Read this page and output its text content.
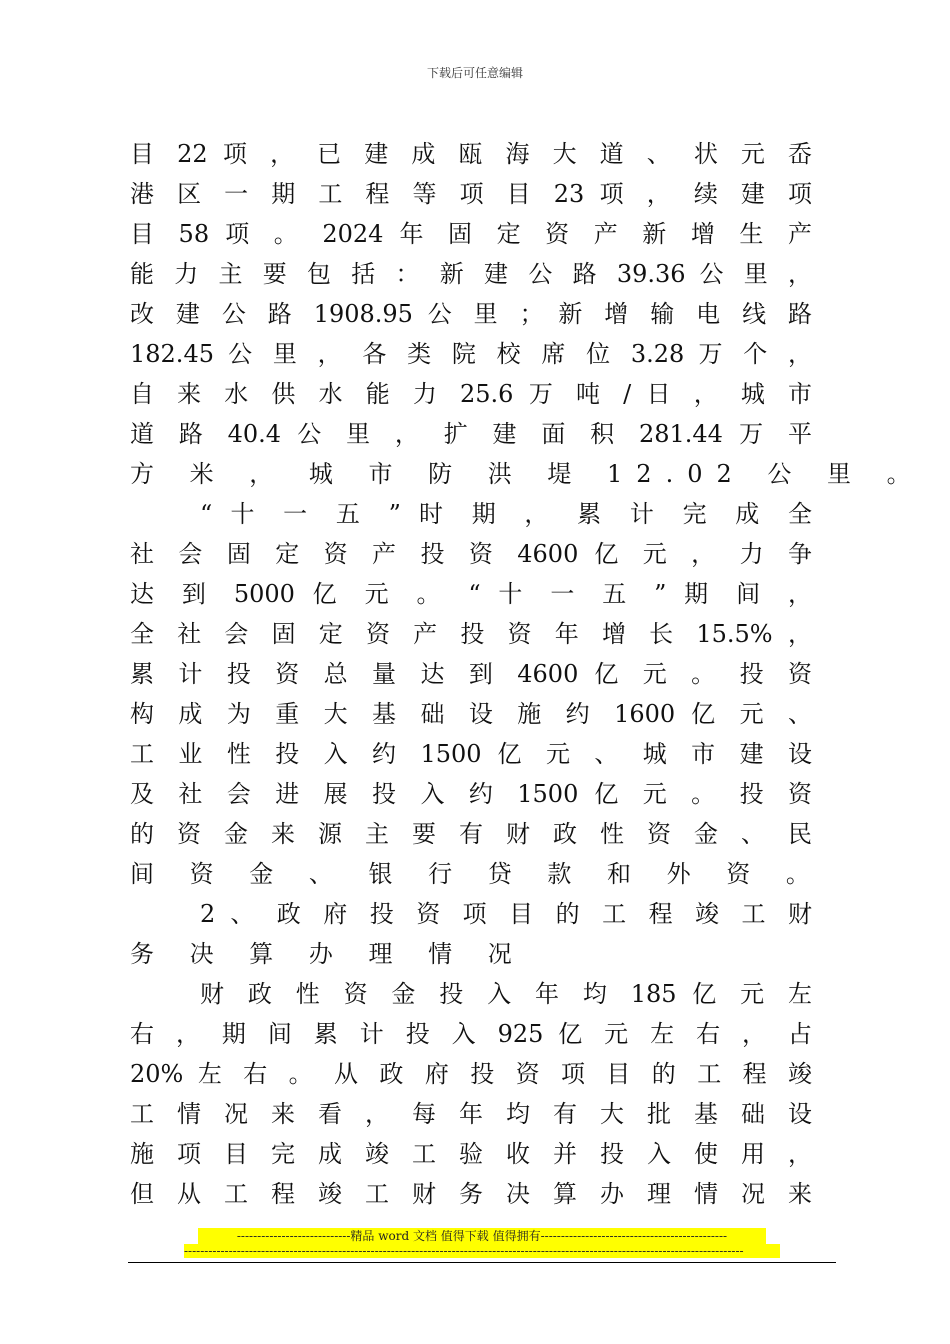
下载后可任意编辑
目 22 项 ， 已 建 成 瓯 海 大 道 、 状 元 岙
港 区 一 期 工 程 等 项 目 23 项 ， 续 建 项
目 58 项 。 2024 年 固 定 资 产 新 增 生 产
能 力 主 要 包 括 ： 新 建 公 路 39.36 公 里 ，
改 建 公 路 1908.95 公 里 ； 新 增 输 电 线 路
182.45 公 里 ， 各 类 院 校 席 位 3.28 万 个 ，
自 来 水 供 水 能 力 25.6 万 吨 / 日 ， 城 市
道 路 40.4 公 里 ， 扩 建 面 积 281.44 万 平
方 米 ， 城 市 防 洪 堤 12.02 公 里 。
“ 十 一 五 ” 时 期 ， 累 计 完 成 全
社 会 固 定 资 产 投 资 4600 亿 元 ， 力 争
达 到 5000 亿 元 。 “ 十 一 五 ” 期 间 ，
全 社 会 固 定 资 产 投 资 年 增 长 15.5% ，
累 计 投 资 总 量 达 到 4600 亿 元 。 投 资
构 成 为 重 大 基 础 设 施 约 1600 亿 元 、
工 业 性 投 入 约 1500 亿 元 、 城 市 建 设
及 社 会 进 展 投 入 约 1500 亿 元 。 投 资
的 资 金 来 源 主 要 有 财 政 性 资 金 、 民
间 资 金 、 银 行 贷 款 和 外 资 。
2 、 政 府 投 资 项 目 的 工 程 竣 工 财
务 决 算 办 理 情 况
财 政 性 资 金 投 入 年 均 185 亿 元 左
右 ， 期 间 累 计 投 入 925 亿 元 左 右 ， 占
20% 左 右 。 从 政 府 投 资 项 目 的 工 程 竣
工 情 况 来 看 ， 每 年 均 有 大 批 基 础 设
施 项 目 完 成 竣 工 验 收 并 投 入 使 用 ，
但 从 工 程 竣 工 财 务 决 算 办 理 情 况 来
----------------------------精品 word 文档 值得下载 值得拥有----------------------------------------------
------------------------------------------------------------------------------------------------------------------------------------------
